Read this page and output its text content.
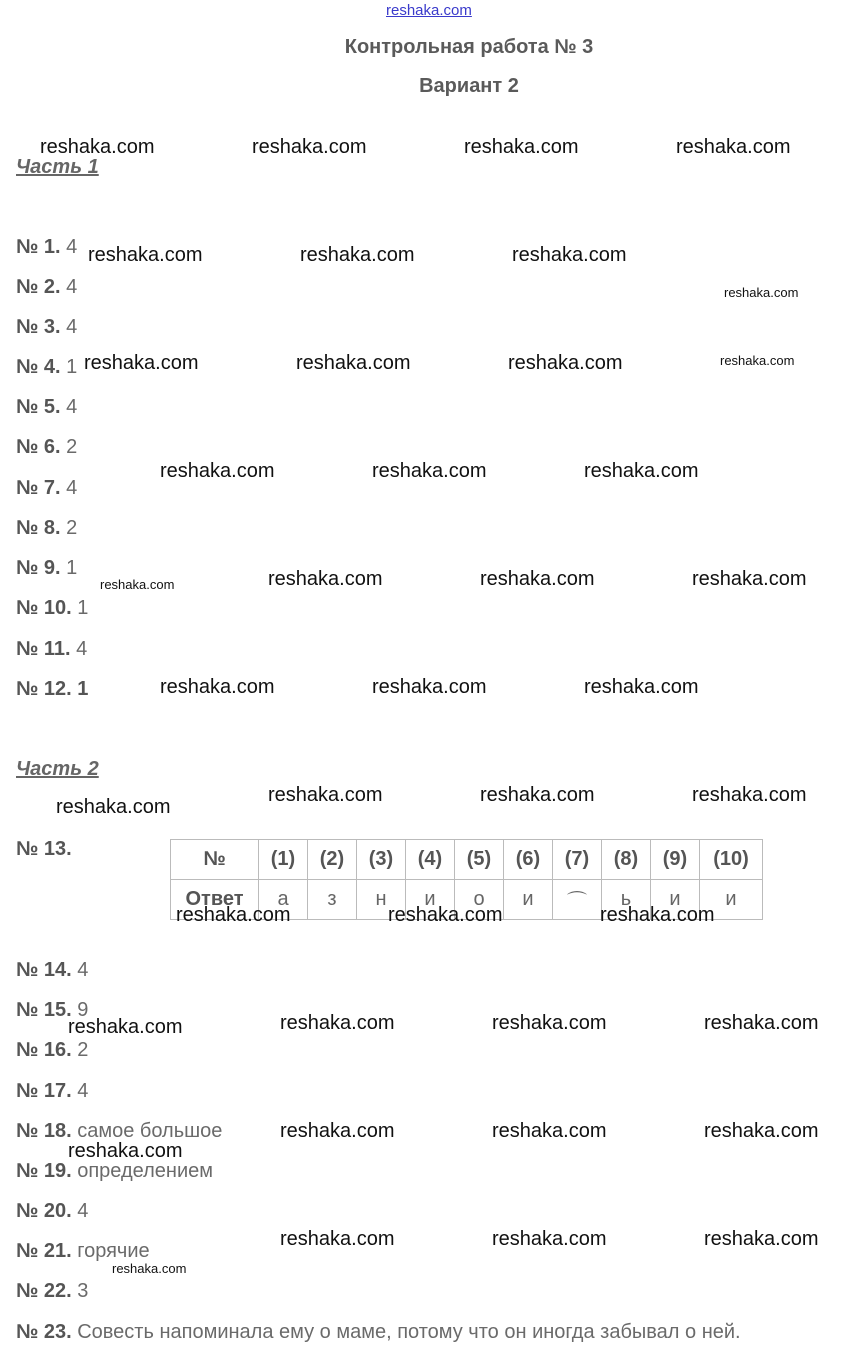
reshaka.com
Контрольная работа № 3
Вариант 2
Часть 1
№ 1. 4
№ 2. 4
№ 3. 4
№ 4. 1
№ 5. 4
№ 6. 2
№ 7. 4
№ 8. 2
№ 9. 1
№ 10. 1
№ 11. 4
№ 12. 1
Часть 2
№ 13.	№	(1)	(2)	(3)	(4)	(5)	(6)	(7)	(8)	(9)	(10)
Ответ	а	з	н	и	о	и	⌒	ь	и	и
№ 14. 4
№ 15. 9
№ 16. 2
№ 17. 4
№ 18. самое большое
№ 19. определением
№ 20. 4
№ 21. горячие
№ 22. 3
№ 23. Совесть напоминала ему о маме, потому что он иногда забывал о ней.
reshaka.com	reshaka.com	reshaka.com	reshaka.com
reshaka.com	reshaka.com	reshaka.com
reshaka.com
reshaka.com	reshaka.com	reshaka.com	reshaka.com
reshaka.com	reshaka.com	reshaka.com
reshaka.com	reshaka.com	reshaka.com	reshaka.com
reshaka.com	reshaka.com	reshaka.com
reshaka.com
reshaka.com	reshaka.com	reshaka.com
reshaka.com	reshaka.com	reshaka.com
reshaka.com	reshaka.com	reshaka.com	reshaka.com
reshaka.com
reshaka.com	reshaka.com	reshaka.com
reshaka.com
reshaka.com	reshaka.com	reshaka.com
